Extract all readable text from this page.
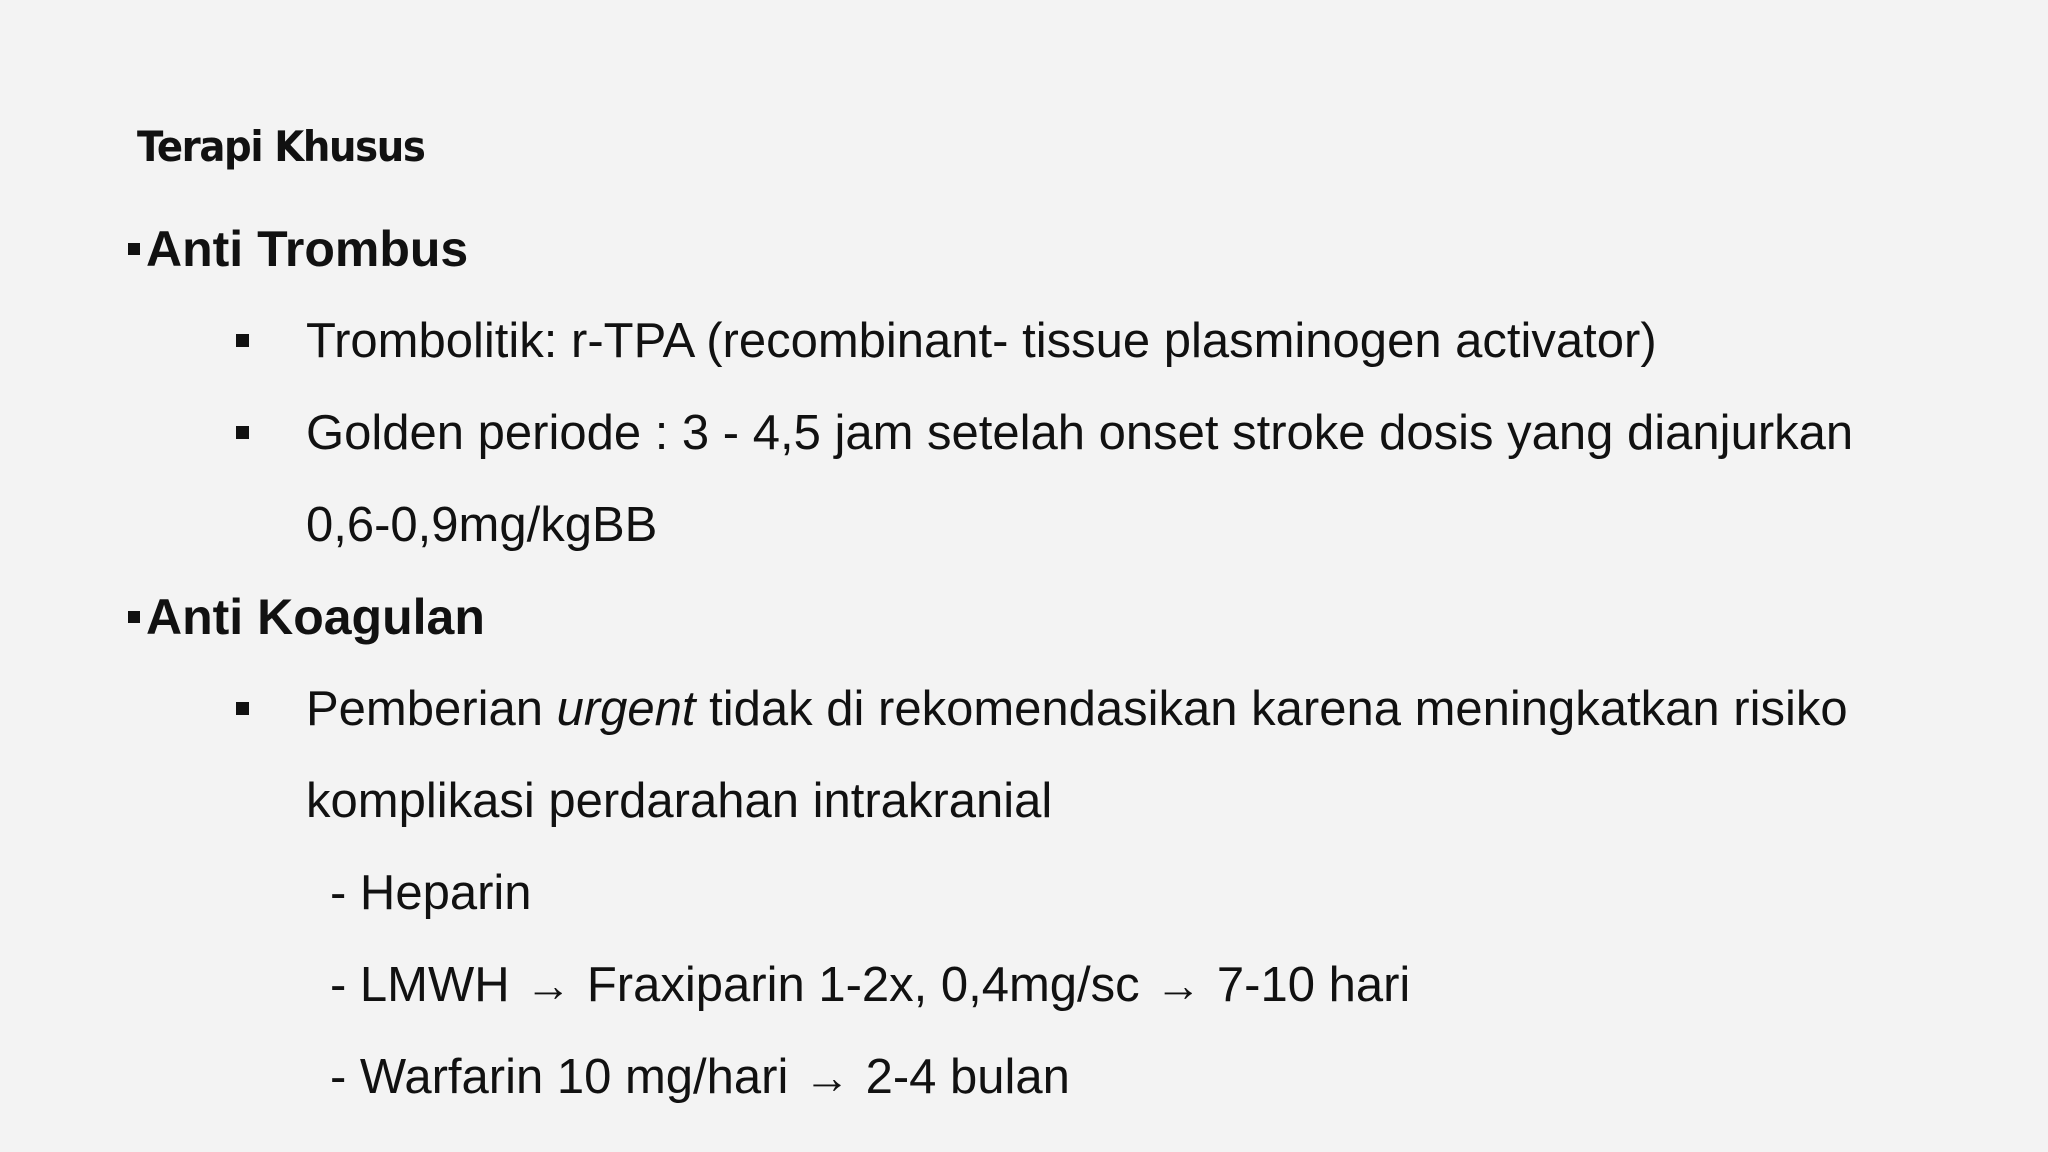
Terapi Khusus
Anti Trombus
Trombolitik: r-TPA (recombinant- tissue plasminogen activator)
Golden periode : 3 - 4,5 jam setelah onset stroke dosis yang dianjurkan
0,6-0,9mg/kgBB
Anti Koagulan
Pemberian urgent tidak di rekomendasikan karena meningkatkan risiko
komplikasi perdarahan intrakranial
- Heparin
- LMWH → Fraxiparin 1-2x, 0,4mg/sc → 7-10 hari
- Warfarin 10 mg/hari → 2-4 bulan
